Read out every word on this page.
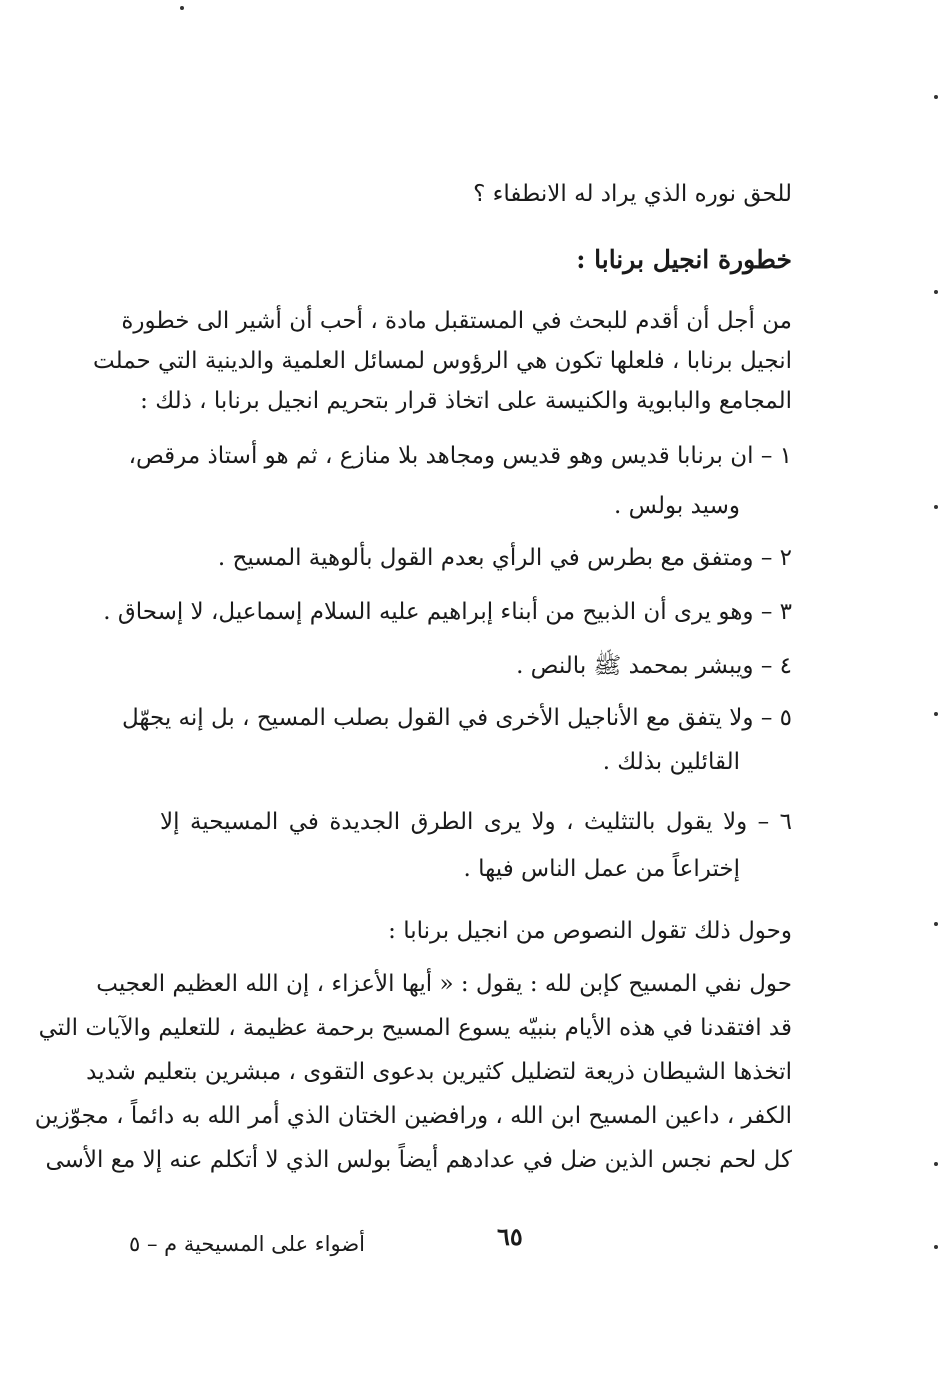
للحق نوره الذي يراد له الانطفاء ؟
خطورة انجيل برنابا :
من أجل أن أقدم للبحث في المستقبل مادة ، أحب أن أشير الى خطورة
انجيل برنابا ، فلعلها تكون هي الرؤوس لمسائل العلمية والدينية التي حملت
المجامع والبابوية والكنيسة على اتخاذ قرار بتحريم انجيل برنابا ، ذلك :
١ – ان برنابا قديس وهو قديس ومجاهد بلا منازع ، ثم هو أستاذ مرقص،
وسيد بولس .
٢ – ومتفق مع بطرس في الرأي بعدم القول بألوهية المسيح .
٣ – وهو يرى أن الذبيح من أبناء إبراهيم عليه السلام إسماعيل، لا إسحاق .
٤ – ويبشر بمحمد ﷺ بالنص .
٥ – ولا يتفق مع الأناجيل الأخرى في القول بصلب المسيح ، بل إنه يجهّل
القائلين بذلك .
٦ – ولا يقول بالتثليث ، ولا يرى الطرق الجديدة في المسيحية إلا
إختراعاً من عمل الناس فيها .
وحول ذلك تقول النصوص من انجيل برنابا :
حول نفي المسيح كإبن لله : يقول : « أيها الأعزاء ، إن الله العظيم العجيب
قد افتقدنا في هذه الأيام بنبيّه يسوع المسيح برحمة عظيمة ، للتعليم والآيات التي
اتخذها الشيطان ذريعة لتضليل كثيرين بدعوى التقوى ، مبشرين بتعليم شديد
الكفر ، داعين المسيح ابن الله ، ورافضين الختان الذي أمر الله به دائماً ، مجوّزين
كل لحم نجس الذين ضل في عدادهم أيضاً بولس الذي لا أتكلم عنه إلا مع الأسى
أضواء على المسيحية م – ٥	٦٥
